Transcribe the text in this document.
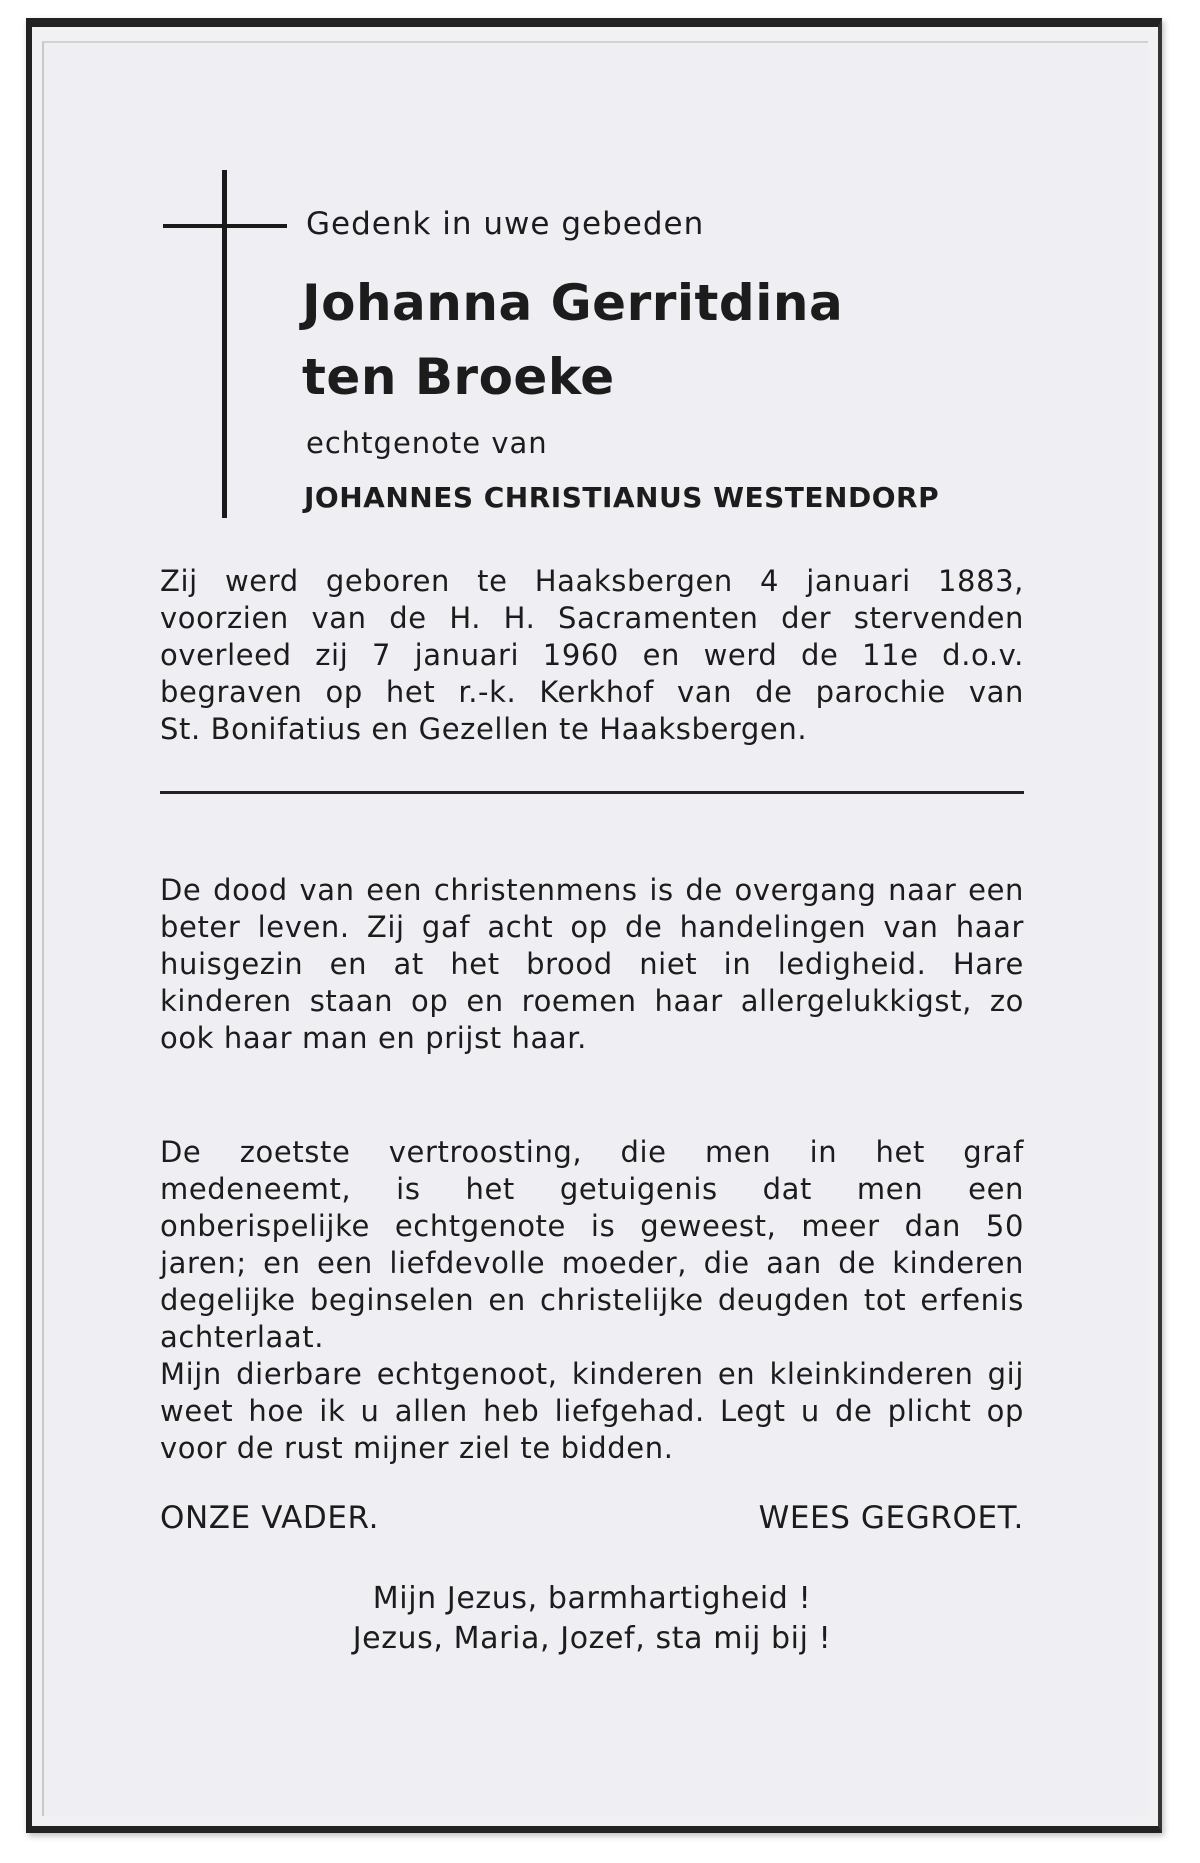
Gedenk in uwe gebeden
Johanna Gerritdina
ten Broeke
echtgenote van
JOHANNES CHRISTIANUS WESTENDORP
Zij werd geboren te Haaksbergen 4 januari 1883,
voorzien van de H. H. Sacramenten der stervenden
overleed zij 7 januari 1960 en werd de 11e d.o.v.
begraven op het r.-k. Kerkhof van de parochie van
St. Bonifatius en Gezellen te Haaksbergen.

De dood van een christenmens is de overgang naar een beter leven. Zij gaf acht op de handelingen van haar huisgezin en at het brood niet in ledigheid. Hare kinderen staan op en roemen haar allergelukkigst, zo ook haar man en prijst haar.

De zoetste vertroosting, die men in het graf medeneemt, is het getuigenis dat men een onberispelijke echtgenote is geweest, meer dan 50 jaren; en een liefdevolle moeder, die aan de kinderen degelijke beginselen en christelijke deugden tot erfenis achterlaat.

Mijn dierbare echtgenoot, kinderen en kleinkinderen gij weet hoe ik u allen heb liefgehad. Legt u de plicht op voor de rust mijner ziel te bidden.

ONZE VADER.	WEES GEGROET.
Mijn Jezus, barmhartigheid !
Jezus, Maria, Jozef, sta mij bij !
